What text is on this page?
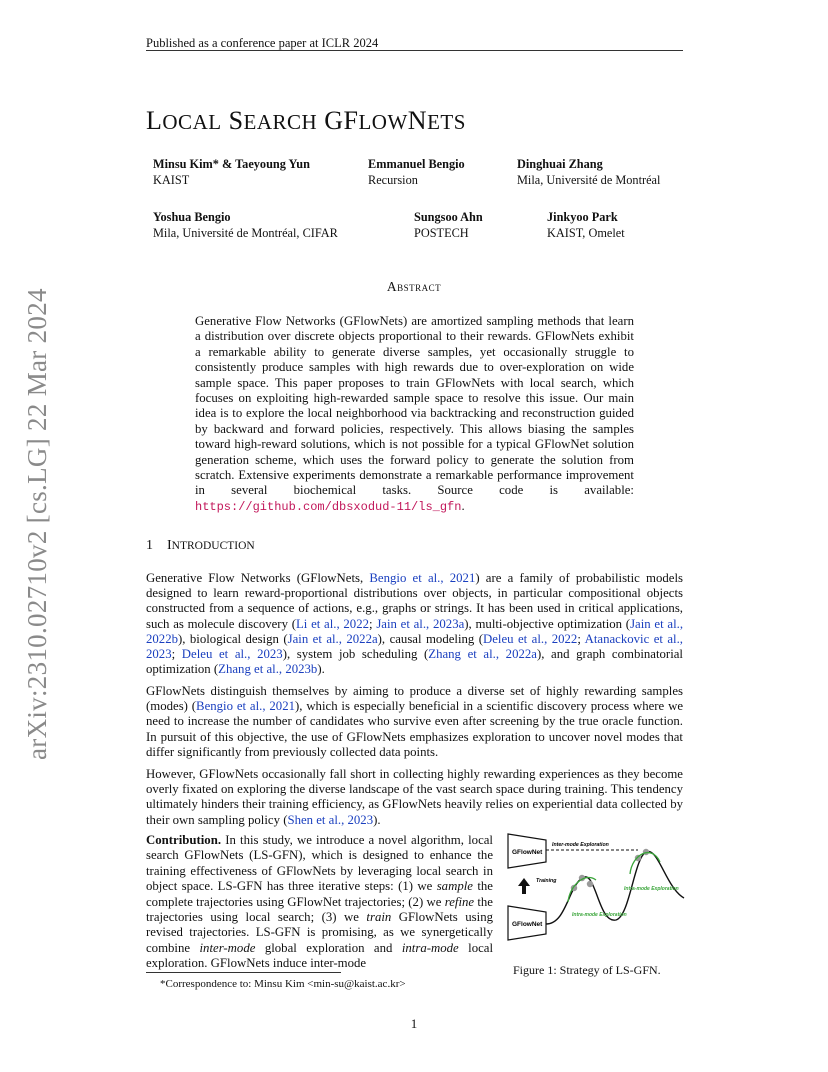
Published as a conference paper at ICLR 2024
arXiv:2310.02710v2 [cs.LG] 22 Mar 2024
LOCAL SEARCH GFLOWNETS
Minsu Kim* & Taeyoung Yun
KAIST
Emmanuel Bengio
Recursion
Dinghuai Zhang
Mila, Université de Montréal
Yoshua Bengio
Mila, Université de Montréal, CIFAR
Sungsoo Ahn
POSTECH
Jinkyoo Park
KAIST, Omelet
Abstract
Generative Flow Networks (GFlowNets) are amortized sampling methods that learn a distribution over discrete objects proportional to their rewards. GFlowNets exhibit a remarkable ability to generate diverse samples, yet occasionally struggle to consistently produce samples with high rewards due to over-exploration on wide sample space. This paper proposes to train GFlowNets with local search, which focuses on exploiting high-rewarded sample space to resolve this issue. Our main idea is to explore the local neighborhood via backtracking and reconstruction guided by backward and forward policies, respectively. This allows biasing the samples toward high-reward solutions, which is not possible for a typical GFlowNet solution generation scheme, which uses the forward policy to generate the solution from scratch. Extensive experiments demonstrate a remarkable performance improvement in several biochemical tasks. Source code is available: https://github.com/dbsxodud-11/ls_gfn.
1 INTRODUCTION
Generative Flow Networks (GFlowNets, Bengio et al., 2021) are a family of probabilistic models designed to learn reward-proportional distributions over objects, in particular compositional objects constructed from a sequence of actions, e.g., graphs or strings. It has been used in critical applications, such as molecule discovery (Li et al., 2022; Jain et al., 2023a), multi-objective optimization (Jain et al., 2022b), biological design (Jain et al., 2022a), causal modeling (Deleu et al., 2022; Atanackovic et al., 2023; Deleu et al., 2023), system job scheduling (Zhang et al., 2022a), and graph combinatorial optimization (Zhang et al., 2023b).
GFlowNets distinguish themselves by aiming to produce a diverse set of highly rewarding samples (modes) (Bengio et al., 2021), which is especially beneficial in a scientific discovery process where we need to increase the number of candidates who survive even after screening by the true oracle function. In pursuit of this objective, the use of GFlowNets emphasizes exploration to uncover novel modes that differ significantly from previously collected data points.
However, GFlowNets occasionally fall short in collecting highly rewarding experiences as they become overly fixated on exploring the diverse landscape of the vast search space during training. This tendency ultimately hinders their training efficiency, as GFlowNets heavily relies on experiential data collected by their own sampling policy (Shen et al., 2023).
Contribution. In this study, we introduce a novel algorithm, local search GFlowNets (LS-GFN), which is designed to enhance the training effectiveness of GFlowNets by leveraging local search in object space. LS-GFN has three iterative steps: (1) we sample the complete trajectories using GFlowNet trajectories; (2) we refine the trajectories using local search; (3) we train GFlowNets using revised trajectories. LS-GFN is promising, as we synergetically combine inter-mode global exploration and intra-mode local exploration. GFlowNets induce inter-mode
GFlowNet
GFlowNet
Inter-mode Exploration
Training
Intra-mode Exploration
Intra-mode Exploration
Figure 1: Strategy of LS-GFN.
*Correspondence to: Minsu Kim <min-su@kaist.ac.kr>
1
